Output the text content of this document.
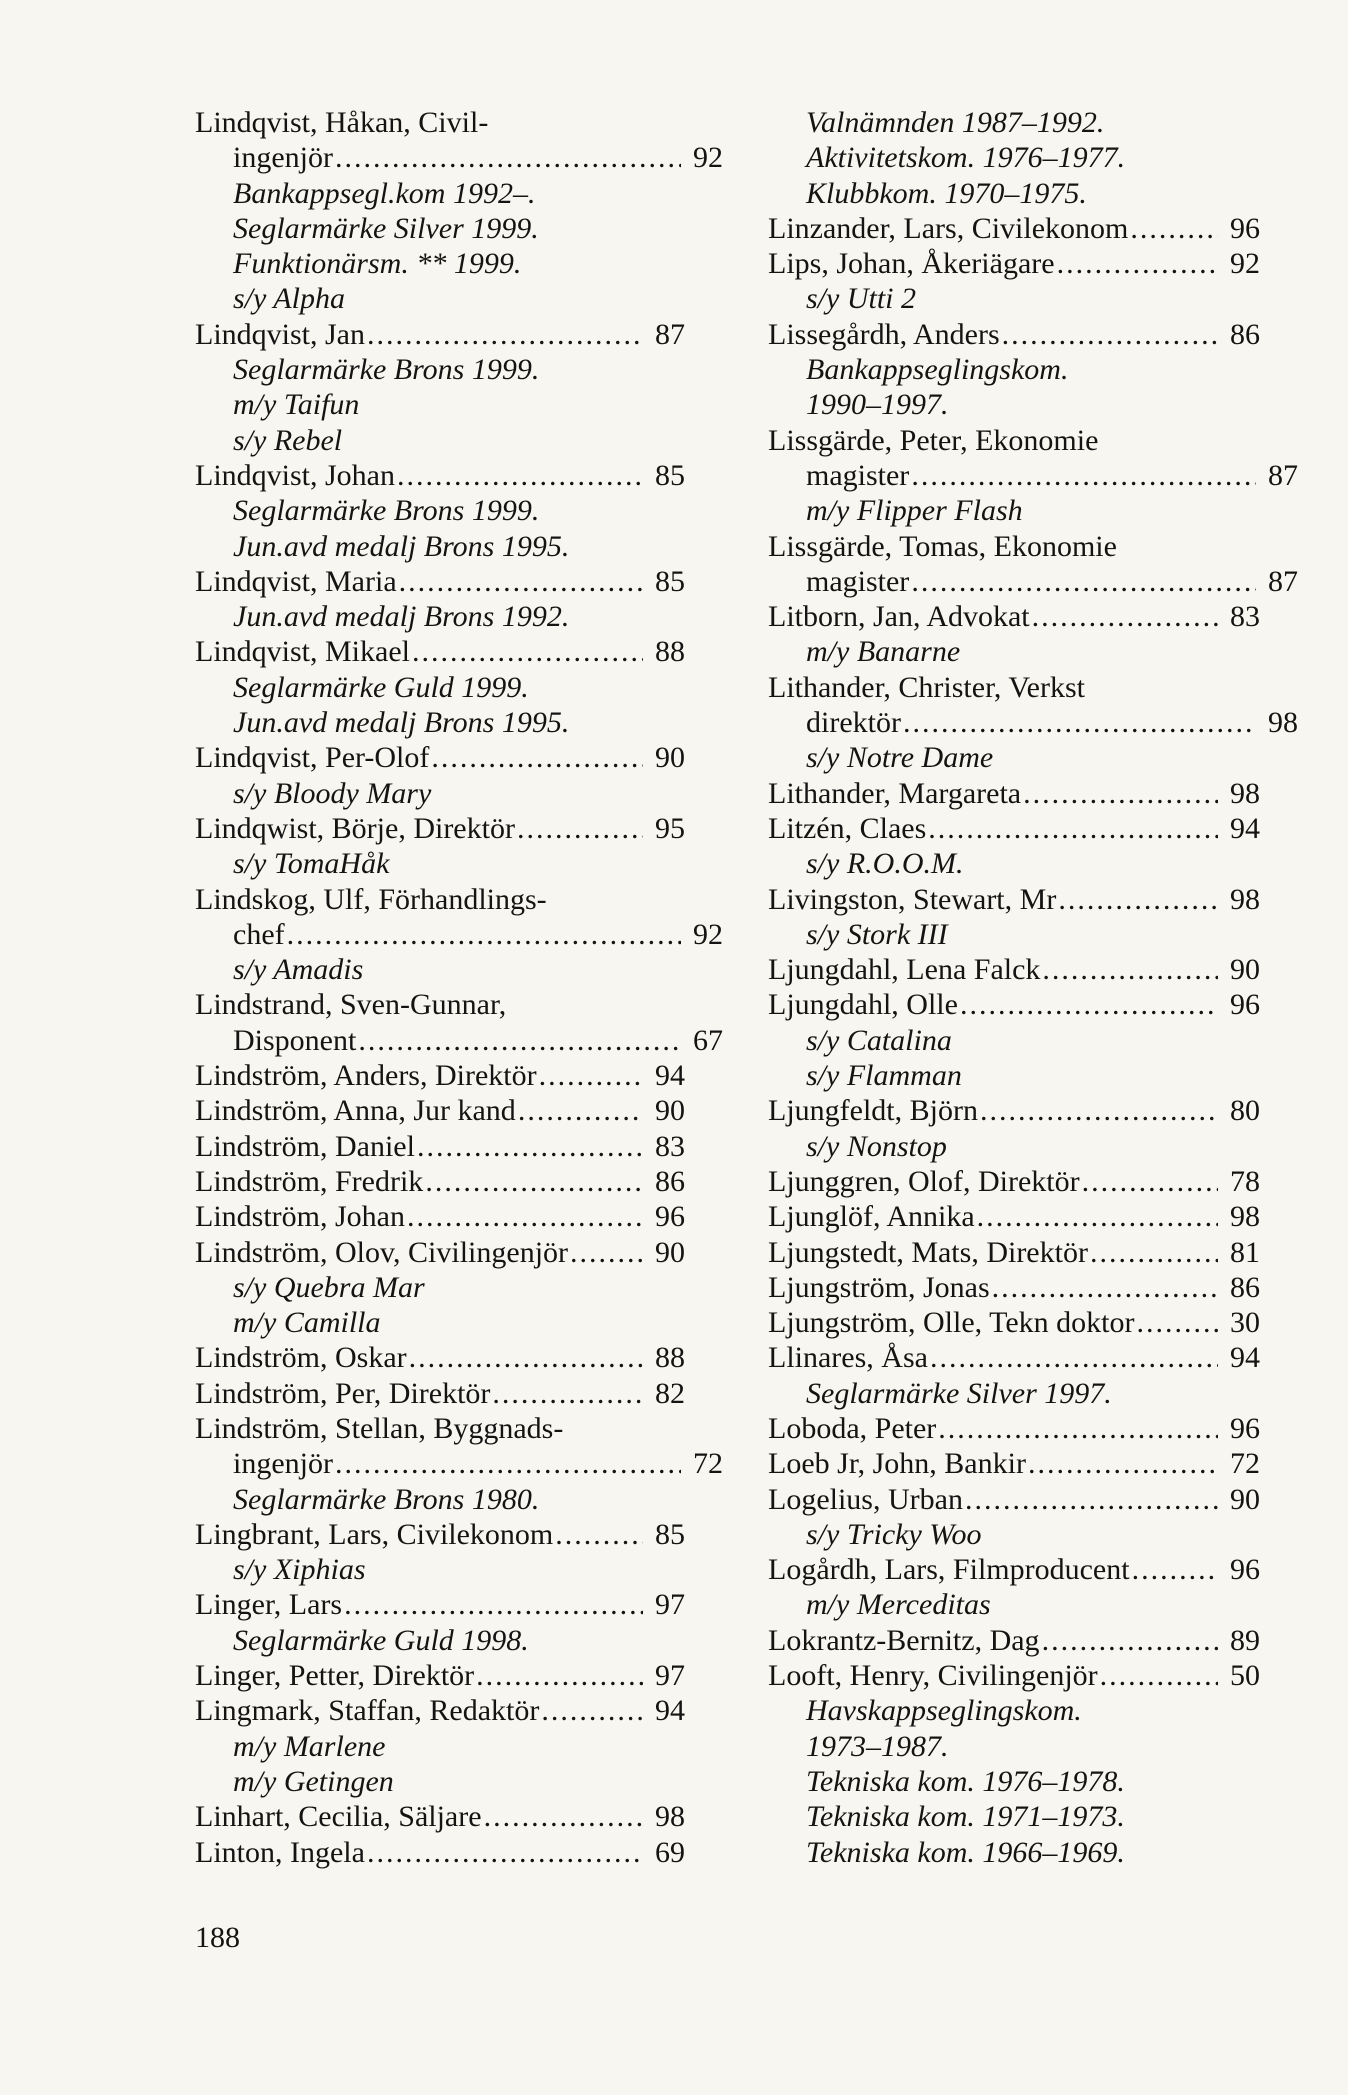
Lindqvist, Håkan, Civil-
ingenjör .....	92
Bankappsegl.kom 1992–.
Seglarmärke Silver 1999.
Funktionärsm. ** 1999.
s/y Alpha
Lindqvist, Jan .....	87
Seglarmärke Brons 1999.
m/y Taifun
s/y Rebel
Lindqvist, Johan .....	85
Seglarmärke Brons 1999.
Jun.avd medalj Brons 1995.
Lindqvist, Maria .....	85
Jun.avd medalj Brons 1992.
Lindqvist, Mikael .....	88
Seglarmärke Guld 1999.
Jun.avd medalj Brons 1995.
Lindqvist, Per-Olof .....	90
s/y Bloody Mary
Lindqwist, Börje, Direktör .....	95
s/y TomaHåk
Lindskog, Ulf, Förhandlings-
chef .....	92
s/y Amadis
Lindstrand, Sven-Gunnar,
Disponent .....	67
Lindström, Anders, Direktör .....	94
Lindström, Anna, Jur kand .....	90
Lindström, Daniel .....	83
Lindström, Fredrik .....	86
Lindström, Johan .....	96
Lindström, Olov, Civilingenjör .....	90
s/y Quebra Mar
m/y Camilla
Lindström, Oskar .....	88
Lindström, Per, Direktör .....	82
Lindström, Stellan, Byggnads-
ingenjör .....	72
Seglarmärke Brons 1980.
Lingbrant, Lars, Civilekonom .....	85
s/y Xiphias
Linger, Lars .....	97
Seglarmärke Guld 1998.
Linger, Petter, Direktör .....	97
Lingmark, Staffan, Redaktör .....	94
m/y Marlene
m/y Getingen
Linhart, Cecilia, Säljare .....	98
Linton, Ingela .....	69
Valnämnden 1987–1992.
Aktivitetskom. 1976–1977.
Klubbkom. 1970–1975.
Linzander, Lars, Civilekonom .....	96
Lips, Johan, Åkeriägare .....	92
s/y Utti 2
Lissegårdh, Anders .....	86
Bankappseglingskom.
1990–1997.
Lissgärde, Peter, Ekonomie
magister .....	87
m/y Flipper Flash
Lissgärde, Tomas, Ekonomie
magister .....	87
Litborn, Jan, Advokat .....	83
m/y Banarne
Lithander, Christer, Verkst
direktör .....	98
s/y Notre Dame
Lithander, Margareta .....	98
Litzén, Claes .....	94
s/y R.O.O.M.
Livingston, Stewart, Mr .....	98
s/y Stork III
Ljungdahl, Lena Falck .....	90
Ljungdahl, Olle .....	96
s/y Catalina
s/y Flamman
Ljungfeldt, Björn .....	80
s/y Nonstop
Ljunggren, Olof, Direktör .....	78
Ljunglöf, Annika .....	98
Ljungstedt, Mats, Direktör .....	81
Ljungström, Jonas .....	86
Ljungström, Olle, Tekn doktor .....	30
Llinares, Åsa .....	94
Seglarmärke Silver 1997.
Loboda, Peter .....	96
Loeb Jr, John, Bankir .....	72
Logelius, Urban .....	90
s/y Tricky Woo
Logårdh, Lars, Filmproducent .....	96
m/y Merceditas
Lokrantz-Bernitz, Dag .....	89
Looft, Henry, Civilingenjör .....	50
Havskappseglingskom.
1973–1987.
Tekniska kom. 1976–1978.
Tekniska kom. 1971–1973.
Tekniska kom. 1966–1969.
188
